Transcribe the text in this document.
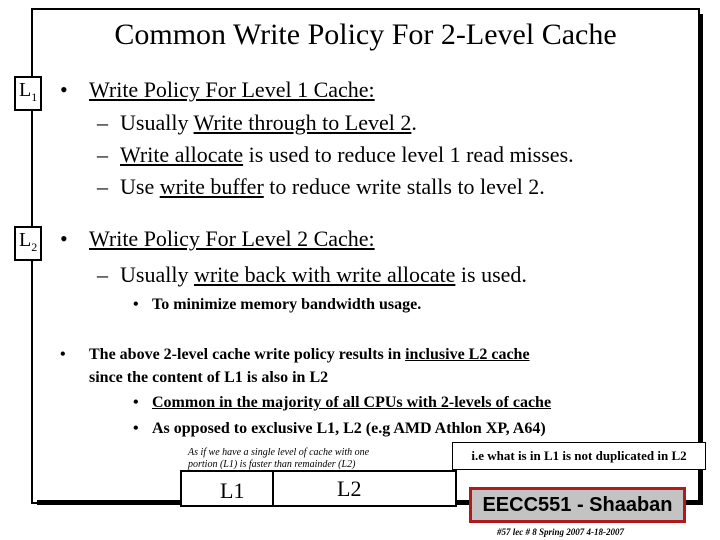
Common Write Policy For 2-Level Cache
$L_1$
$L_2$
• Write Policy For Level 1 Cache:
– Usually Write through to Level 2.
– Write allocate is used to reduce level 1 read misses.
– Use write buffer to reduce write stalls to level 2.
• Write Policy For Level 2 Cache:
– Usually write back with write allocate is used.
• To minimize memory bandwidth usage.
• The above 2-level cache write policy results in inclusive L2 cache
since the content of L1 is also in L2
• Common in the majority of all CPUs with 2-levels of cache
• As opposed to exclusive L1, L2 (e.g AMD Athlon XP, A64)
As if we have a single level of cache with one
portion (L1) is faster than remainder (L2)
i.e what is in L1 is not duplicated in L2
L1	L2
EECC551 - Shaaban
#57 lec # 8 Spring 2007 4-18-2007
